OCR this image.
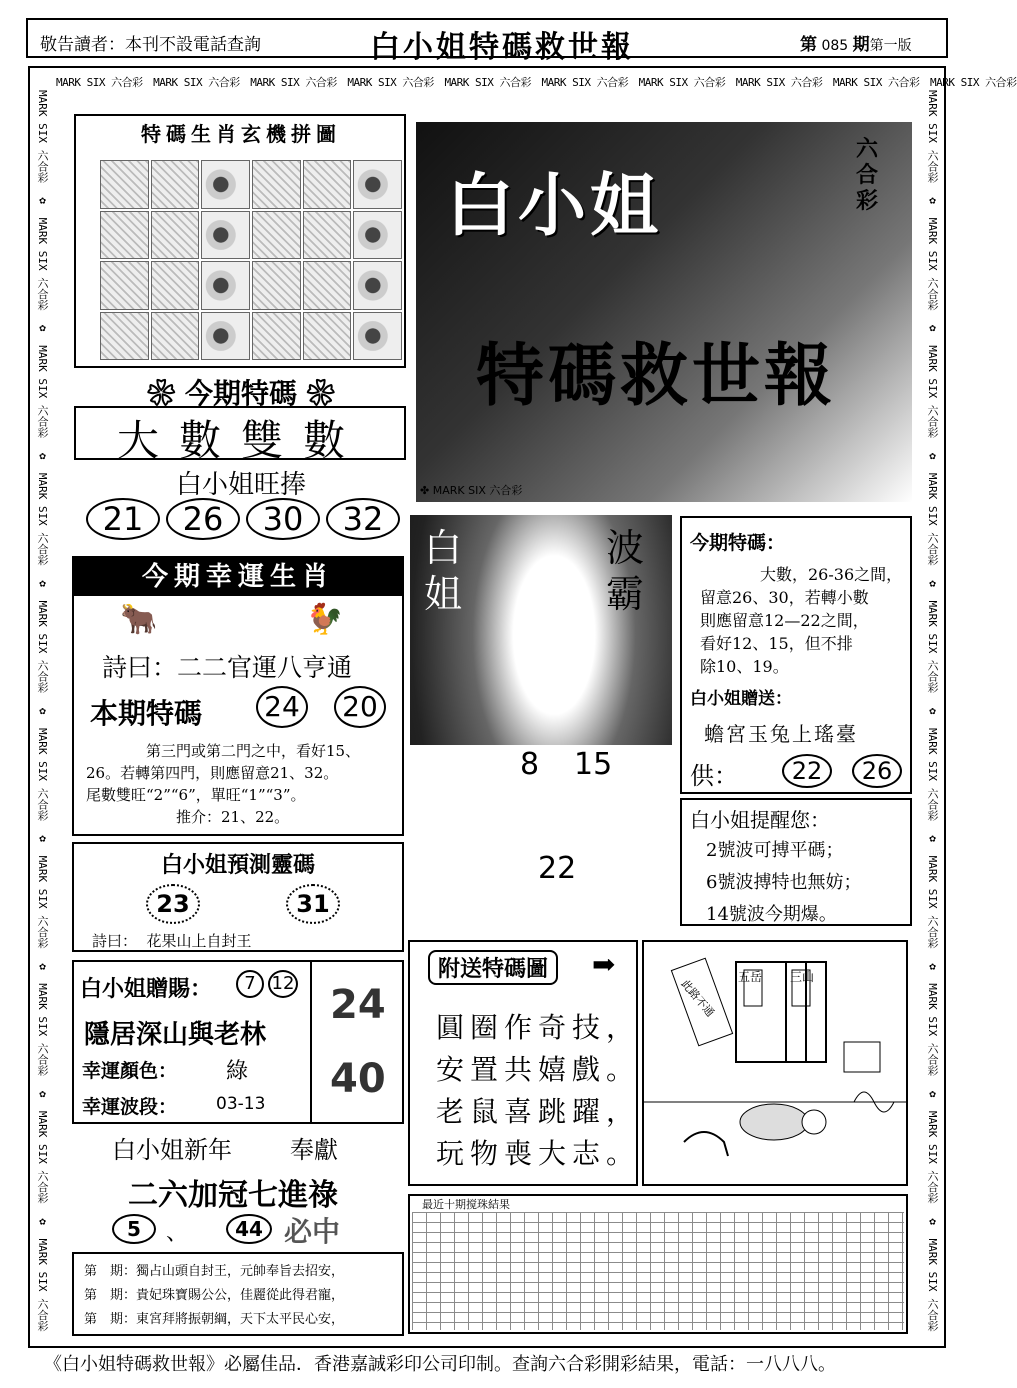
敬告讀者：本刊不設電話查詢	白小姐特碼救世報	第 085 期第一版
MARK SIX 六合彩　 MARK SIX 六合彩　 MARK SIX 六合彩　 MARK SIX 六合彩　 MARK SIX 六合彩　 MARK SIX 六合彩　 MARK SIX 六合彩　 MARK SIX 六合彩　 MARK SIX 六合彩　 MARK SIX 六合彩
MARK SIX 六合彩　✿　MARK SIX 六合彩　✿　MARK SIX 六合彩　✿　MARK SIX 六合彩　✿　MARK SIX 六合彩　✿　MARK SIX 六合彩　✿　MARK SIX 六合彩　✿　MARK SIX 六合彩　✿　MARK SIX 六合彩　✿　MARK SIX 六合彩
MARK SIX 六合彩　✿　MARK SIX 六合彩　✿　MARK SIX 六合彩　✿　MARK SIX 六合彩　✿　MARK SIX 六合彩　✿　MARK SIX 六合彩　✿　MARK SIX 六合彩　✿　MARK SIX 六合彩　✿　MARK SIX 六合彩　✿　MARK SIX 六合彩
特碼生肖玄機拼圖
❀ 今期特碼 ❀
大數雙數
白小姐旺捧
21	26	30	32
白小姐
特碼救世報
六合彩
✤ MARK SIX 六合彩
今期幸運生肖
🐂	🐓
詩曰：二二官運八亨通
本期特碼 24 20
第三門或第二門之中，看好15、
26。若轉第四門，則應留意21、32。
尾數雙旺“2”“6”，單旺“1”“3”。
推介：21、22。
白姐
波霸
8 15
22
今期特碼：
大數，26-36之間，
留意26、30，若轉小數
則應留意12—22之間，
看好12、15，但不排
除10、19。
白小姐贈送：
蟾宮玉兔上瑤臺
供：	22	26
白小姐提醒您：
2號波可搏平碼；
6號波搏特也無妨；
14號波今期爆。
白小姐預測靈碼
23	31
詩曰：  花果山上自封王
白小姐贈賜：	7 12
隱居深山與老林
幸運顏色： 綠
幸運波段： 03-13
24
40
白小姐新年 奉獻
二六加冠七進祿
5	、	44 必中
第　期：獨占山頭自封王，元帥奉旨去招安，
第　期：貴妃珠寶賜公公，佳麗從此得君寵，
第　期：東宮拜將振朝綱，天下太平民心安，
附送特碼圖	➡
圓圈作奇技，
安置共嬉戲。
老鼠喜跳躍，
玩物喪大志。
五岳 三山
此路不通
最近十期搅珠結果
《白小姐特碼救世報》必屬佳品．香港嘉誠彩印公司印制。查詢六合彩開彩結果，電話：一八八八。
